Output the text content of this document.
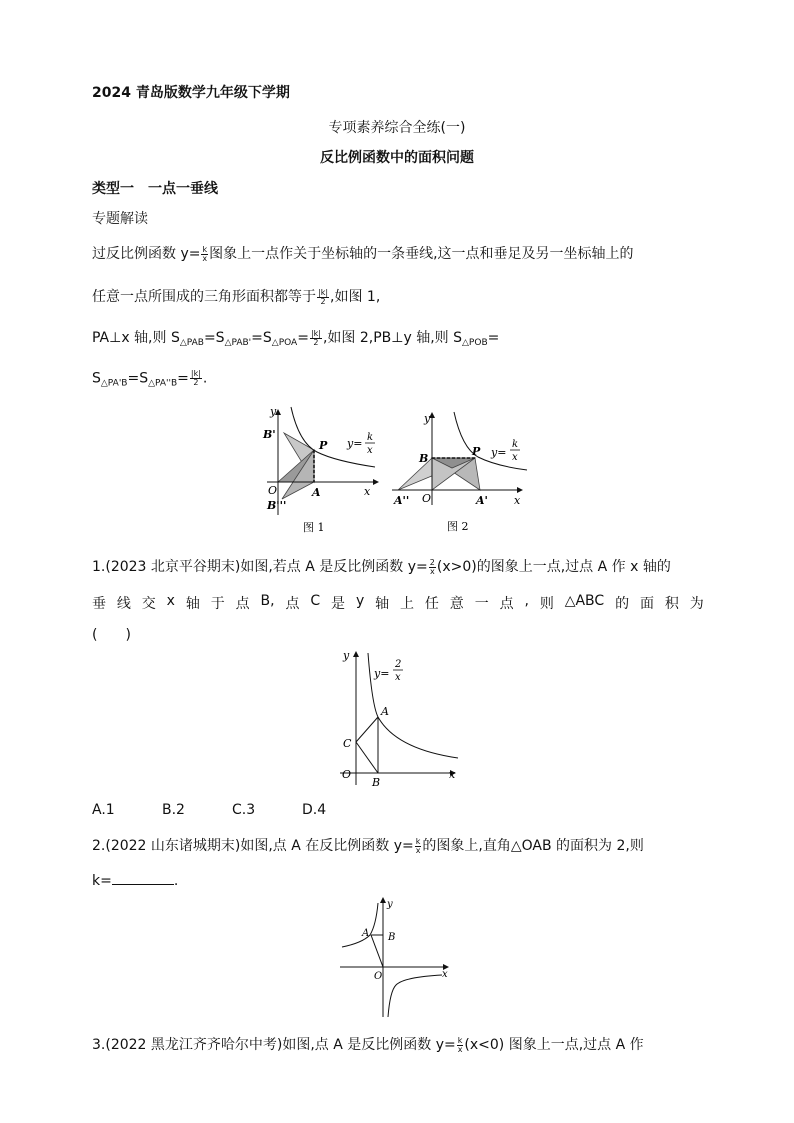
2024 青岛版数学九年级下学期
专项素养综合全练(一)
反比例函数中的面积问题
类型一　一点一垂线
专题解读
过反比例函数 $y= \frac{k}{x}$ 图象上一点作关于坐标轴的一条垂线,这一点和垂足及另一坐标轴上的
任意一点所围成的三角形面积都等于 $\frac{|k|}{2}$ ,如图 1,
PA⊥x 轴,则 $S_{\triangle PAB}=S_{\triangle PAB'}=S_{\triangle POA}= \frac{|k|}{2}$ ,如图 2,PB⊥y 轴,则 $S_{\triangle POB}=$
$S_{\triangle PA'B}=S_{\triangle PA''B}= \frac{|k|}{2}$ .
y
x
O
P
A
B'
B'''
y= k
x
图 1
y
x
O
P
B
A'
A''
y=
k
x
图 2
1.(2023 北京平谷期末)如图,若点 A 是反比例函数 $y= \frac{2}{x} (x>0)$的图象上一点,过点 A 作 x 轴的
垂 线 交 x 轴 于 点 B, 点 C 是 y 轴 上 任 意 一 点 , 则 △ABC 的 面 积 为
(　　)
y
x
O
A
B
C
y=
2
x
A.1	B.2	C.3	D.4
2.(2022 山东诸城期末)如图,点 A 在反比例函数 $y= \frac{k}{x}$ 的图象上,直角△OAB 的面积为 2,则
k=	.
y
x
O
A B
3.(2022 黑龙江齐齐哈尔中考)如图,点 A 是反比例函数 $y= \frac{k}{x} (x<0)$ 图象上一点,过点 A 作
